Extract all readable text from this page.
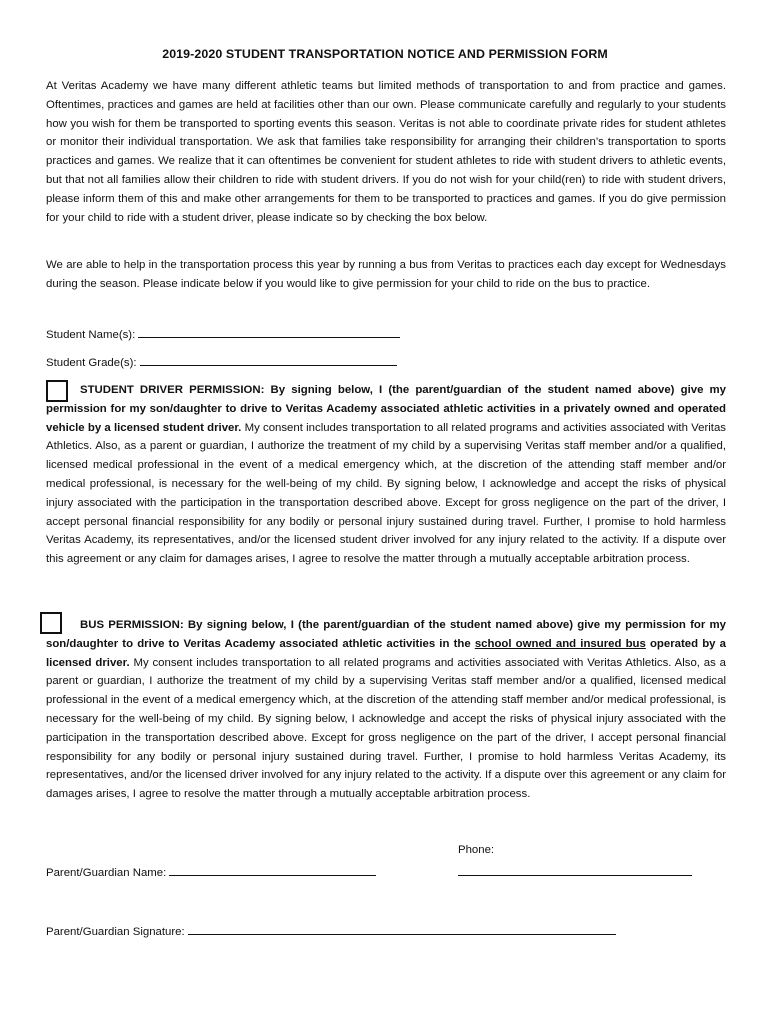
2019-2020 STUDENT TRANSPORTATION NOTICE AND PERMISSION FORM

At Veritas Academy we have many different athletic teams but limited methods of transportation to and from practice and games. Oftentimes, practices and games are held at facilities other than our own. Please communicate carefully and regularly to your students how you wish for them be transported to sporting events this season. Veritas is not able to coordinate private rides for student athletes or monitor their individual transportation. We ask that families take responsibility for arranging their children’s transportation to sports practices and games. We realize that it can oftentimes be convenient for student athletes to ride with student drivers to athletic events, but that not all families allow their children to ride with student drivers. If you do not wish for your child(ren) to ride with student drivers, please inform them of this and make other arrangements for them to be transported to practices and games. If you do give permission for your child to ride with a student driver, please indicate so by checking the box below.

We are able to help in the transportation process this year by running a bus from Veritas to practices each day except for Wednesdays during the season. Please indicate below if you would like to give permission for your child to ride on the bus to practice.

Student Name(s):
Student Grade(s):

STUDENT DRIVER PERMISSION: By signing below, I (the parent/guardian of the student named above) give my permission for my son/daughter to drive to Veritas Academy associated athletic activities in a privately owned and operated vehicle by a licensed student driver. My consent includes transportation to all related programs and activities associated with Veritas Athletics. Also, as a parent or guardian, I authorize the treatment of my child by a supervising Veritas staff member and/or a qualified, licensed medical professional in the event of a medical emergency which, at the discretion of the attending staff member and/or medical professional, is necessary for the well-being of my child. By signing below, I acknowledge and accept the risks of physical injury associated with the participation in the transportation described above. Except for gross negligence on the part of the driver, I accept personal financial responsibility for any bodily or personal injury sustained during travel. Further, I promise to hold harmless Veritas Academy, its representatives, and/or the licensed student driver involved for any injury related to the activity. If a dispute over this agreement or any claim for damages arises, I agree to resolve the matter through a mutually acceptable arbitration process.

BUS PERMISSION: By signing below, I (the parent/guardian of the student named above) give my permission for my son/daughter to drive to Veritas Academy associated athletic activities in the school owned and insured bus operated by a licensed driver. My consent includes transportation to all related programs and activities associated with Veritas Athletics. Also, as a parent or guardian, I authorize the treatment of my child by a supervising Veritas staff member and/or a qualified, licensed medical professional in the event of a medical emergency which, at the discretion of the attending staff member and/or medical professional, is necessary for the well-being of my child. By signing below, I acknowledge and accept the risks of physical injury associated with the participation in the transportation described above. Except for gross negligence on the part of the driver, I accept personal financial responsibility for any bodily or personal injury sustained during travel. Further, I promise to hold harmless Veritas Academy, its representatives, and/or the licensed driver involved for any injury related to the activity. If a dispute over this agreement or any claim for damages arises, I agree to resolve the matter through a mutually acceptable arbitration process.

Parent/Guardian Name:
Phone:
Parent/Guardian Signature:
